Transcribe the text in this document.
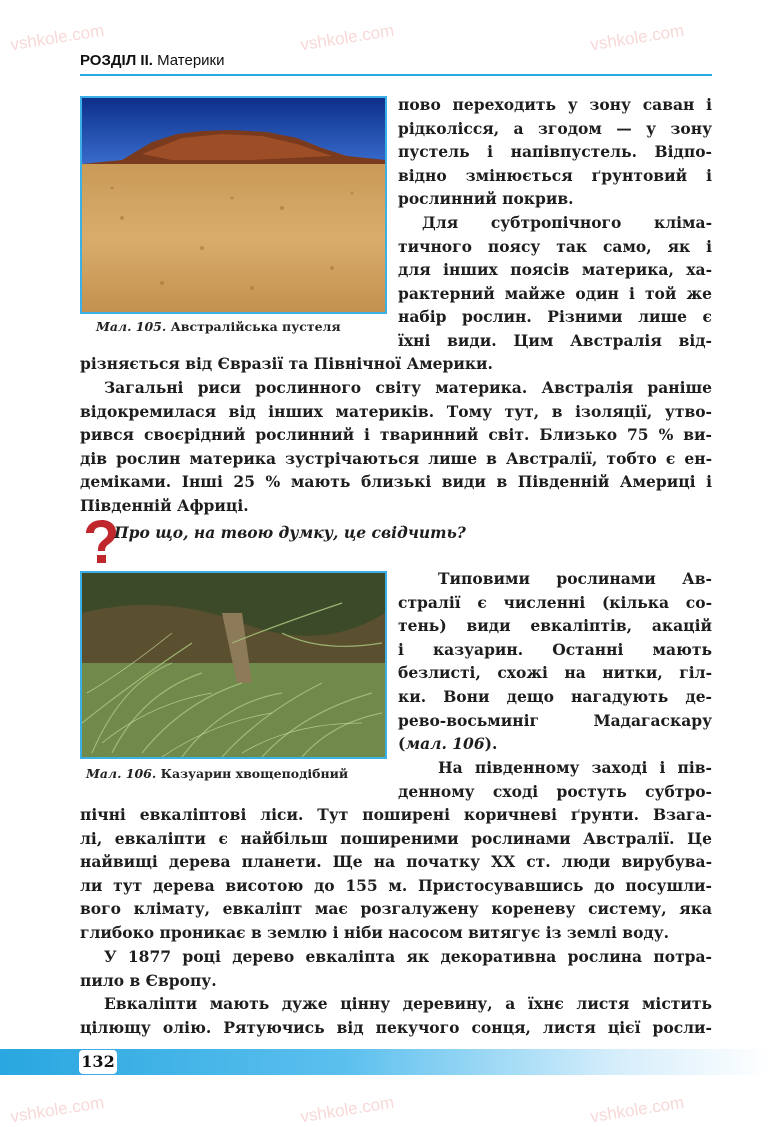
vshkole.com	vshkole.com	vshkole.com
vshkole.com	vshkole.com	vshkole.com
РОЗДІЛ ІІ. Материки
Мал. 105. Австралійська пустеля
пово переходить у зону саван і
рідколісся, а згодом — у зону
пустель і напівпустель. Відпо-
відно змінюється ґрунтовий і
рослинний покрив.
Для субтропічного кліма-
тичного поясу так само, як і
для інших поясів материка, ха-
рактерний майже один і той же
набір рослин. Різними лише є
їхні види. Цим Австралія від-
різняється від Євразії та Північної Америки.
Загальні риси рослинного світу материка. Австралія раніше
відокремилася від інших материків. Тому тут, в ізоляції, утво-
рився своєрідний рослинний і тваринний світ. Близько 75 % ви-
дів рослин материка зустрічаються лише в Австралії, тобто є ен-
деміками. Інші 25 % мають близькі види в Південній Америці і
Південній Африці.
Про що, на твою думку, це свідчить?
Мал. 106. Казуарин хвощеподібний
Типовими рослинами Ав-
стралії є численні (кілька со-
тень) види евкаліптів, акацій
і казуарин. Останні мають
безлисті, схожі на нитки, гіл-
ки. Вони дещо нагадують де-
рево-восьминіг Мадагаскару
(мал. 106).
На південному заході і пів-
денному сході ростуть субтро-
пічні евкаліптові ліси. Тут поширені коричневі ґрунти. Взага-
лі, евкаліпти є найбільш поширеними рослинами Австралії. Це
найвищі дерева планети. Ще на початку XX ст. люди вирубува-
ли тут дерева висотою до 155 м. Пристосувавшись до посушли-
вого клімату, евкаліпт має розгалужену кореневу систему, яка
глибоко проникає в землю і ніби насосом витягує із землі воду.
У 1877 році дерево евкаліпта як декоративна рослина потра-
пило в Європу.
Евкаліпти мають дуже цінну деревину, а їхнє листя містить
цілющу олію. Рятуючись від пекучого сонця, листя цієї росли-
132
